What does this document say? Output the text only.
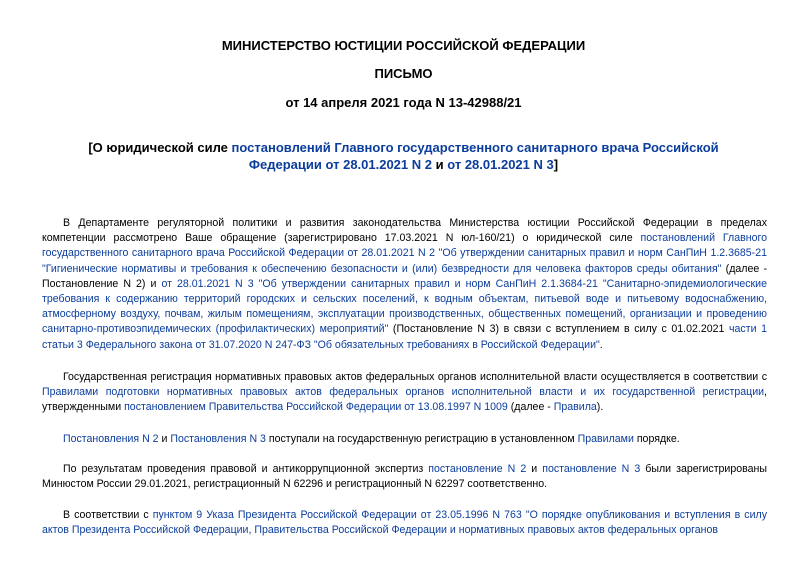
МИНИСТЕРСТВО ЮСТИЦИИ РОССИЙСКОЙ ФЕДЕРАЦИИ
ПИСЬМО
от 14 апреля 2021 года N 13-42988/21
[О юридической силе постановлений Главного государственного санитарного врача Российской Федерации от 28.01.2021 N 2 и от 28.01.2021 N 3]
В Департаменте регуляторной политики и развития законодательства Министерства юстиции Российской Федерации в пределах компетенции рассмотрено Ваше обращение (зарегистрировано 17.03.2021 N юл-160/21) о юридической силе постановлений Главного государственного санитарного врача Российской Федерации от 28.01.2021 N 2 "Об утверждении санитарных правил и норм СанПиН 1.2.3685-21 "Гигиенические нормативы и требования к обеспечению безопасности и (или) безвредности для человека факторов среды обитания" (далее - Постановление N 2) и от 28.01.2021 N 3 "Об утверждении санитарных правил и норм СанПиН 2.1.3684-21 "Санитарно-эпидемиологические требования к содержанию территорий городских и сельских поселений, к водным объектам, питьевой воде и питьевому водоснабжению, атмосферному воздуху, почвам, жилым помещениям, эксплуатации производственных, общественных помещений, организации и проведению санитарно-противоэпидемических (профилактических) мероприятий" (Постановление N 3) в связи с вступлением в силу с 01.02.2021 части 1 статьи 3 Федерального закона от 31.07.2020 N 247-ФЗ "Об обязательных требованиях в Российской Федерации".
Государственная регистрация нормативных правовых актов федеральных органов исполнительной власти осуществляется в соответствии с Правилами подготовки нормативных правовых актов федеральных органов исполнительной власти и их государственной регистрации, утвержденными постановлением Правительства Российской Федерации от 13.08.1997 N 1009 (далее - Правила).
Постановления N 2 и Постановления N 3 поступали на государственную регистрацию в установленном Правилами порядке.
По результатам проведения правовой и антикоррупционной экспертиз постановление N 2 и постановление N 3 были зарегистрированы Минюстом России 29.01.2021, регистрационный N 62296 и регистрационный N 62297 соответственно.
В соответствии с пунктом 9 Указа Президента Российской Федерации от 23.05.1996 N 763 "О порядке опубликования и вступления в силу актов Президента Российской Федерации, Правительства Российской Федерации и нормативных правовых актов федеральных органов
